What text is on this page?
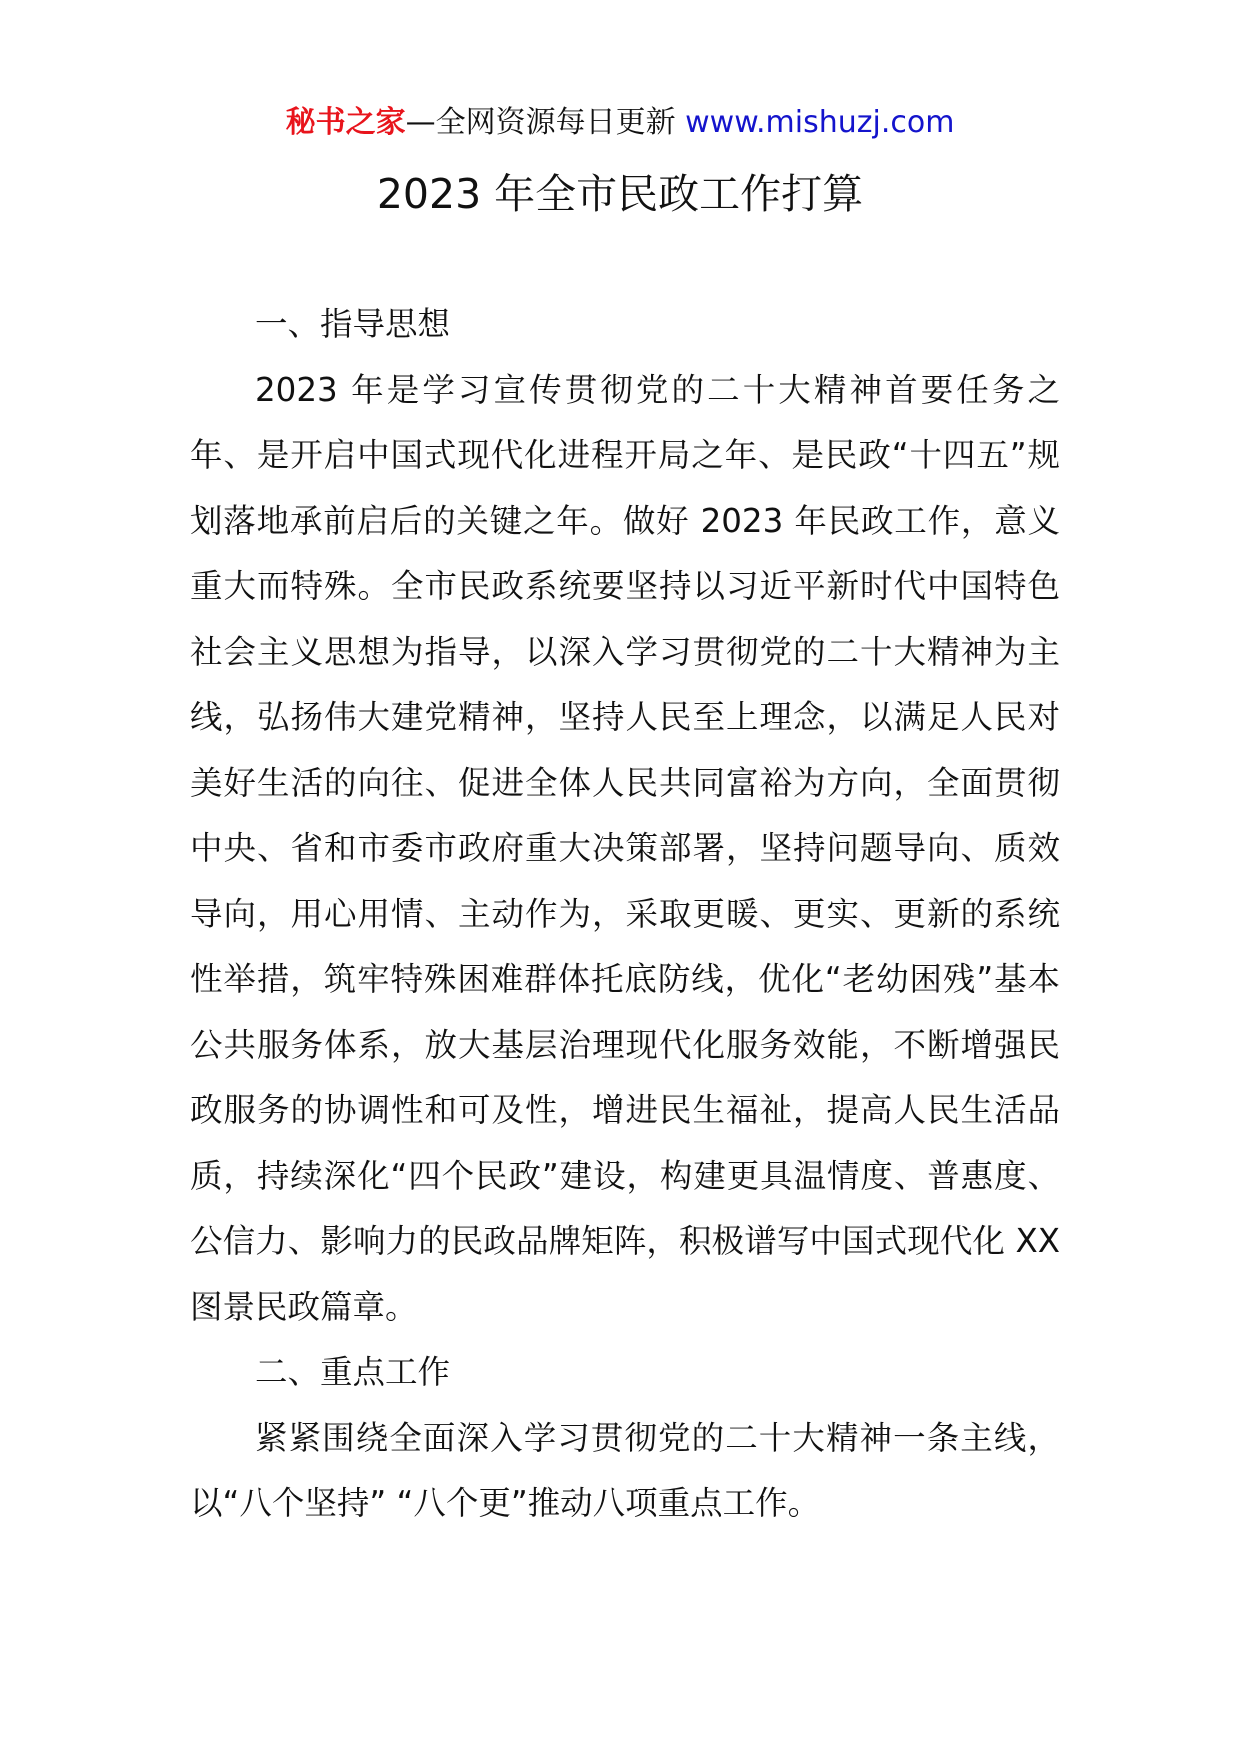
秘书之家—全网资源每日更新 www.mishuzj.com
2023 年全市民政工作打算

一、指导思想

2023 年是学习宣传贯彻党的二十大精神首要任务之年、是开启中国式现代化进程开局之年、是民政“十四五”规划落地承前启后的关键之年。做好 2023 年民政工作，意义重大而特殊。全市民政系统要坚持以习近平新时代中国特色社会主义思想为指导，以深入学习贯彻党的二十大精神为主线，弘扬伟大建党精神，坚持人民至上理念，以满足人民对美好生活的向往、促进全体人民共同富裕为方向，全面贯彻中央、省和市委市政府重大决策部署，坚持问题导向、质效导向，用心用情、主动作为，采取更暖、更实、更新的系统性举措，筑牢特殊困难群体托底防线，优化“老幼困残”基本公共服务体系，放大基层治理现代化服务效能，不断增强民政服务的协调性和可及性，增进民生福祉，提高人民生活品质，持续深化“四个民政”建设，构建更具温情度、普惠度、公信力、影响力的民政品牌矩阵，积极谱写中国式现代化 XX 图景民政篇章。

二、重点工作

紧紧围绕全面深入学习贯彻党的二十大精神一条主线，以“八个坚持” “八个更”推动八项重点工作。
